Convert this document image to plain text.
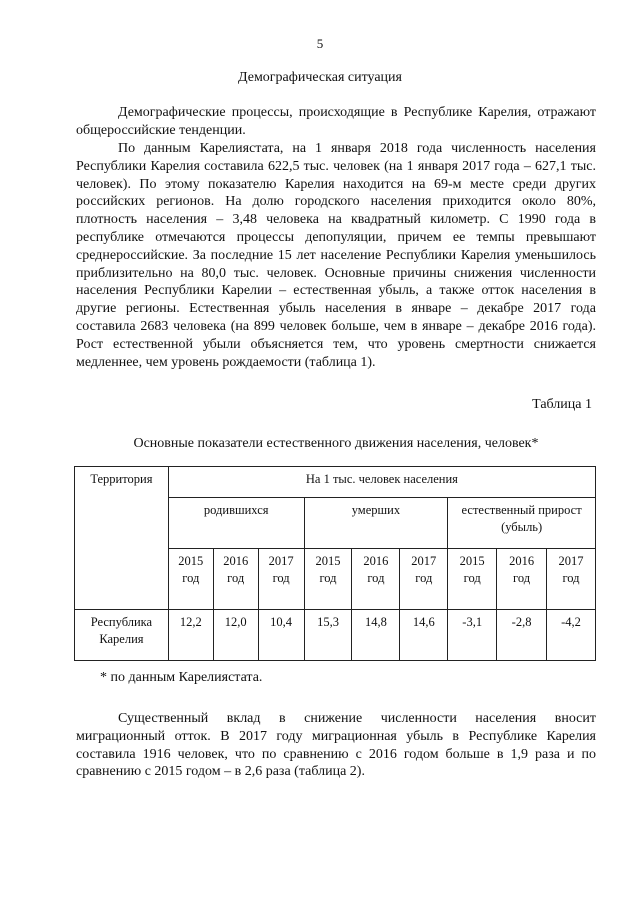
5
Демографическая ситуация

Демографические процессы, происходящие в Республике Карелия, отражают общероссийские тенденции.

По данным Карелиястата, на 1 января 2018 года численность населения Республики Карелия составила 622,5 тыс. человек (на 1 января 2017 года – 627,1 тыс. человек). По этому показателю Карелия находится на 69-м месте среди других российских регионов. На долю городского населения приходится около 80%, плотность населения – 3,48 человека на квадратный километр. С 1990 года в республике отмечаются процессы депопуляции, причем ее темпы превышают среднероссийские. За последние 15 лет население Республики Карелия уменьшилось приблизительно на 80,0 тыс. человек. Основные причины снижения численности населения Республики Карелии – естественная убыль, а также отток населения в другие регионы. Естественная убыль населения в январе – декабре 2017 года составила 2683 человека (на 899 человек больше, чем в январе – декабре 2016 года). Рост естественной убыли объясняется тем, что уровень смертности снижается медленнее, чем уровень рождаемости (таблица 1).

Таблица 1
Основные показатели естественного движения населения, человек*
Территория	На 1 тыс. человек населения								
	родившихся			умерших			естественный прирост (убыль)		
	2015 год	2016 год	2017 год	2015 год	2016 год	2017 год	2015 год	2016 год	2017 год
Республика Карелия	12,2	12,0	10,4	15,3	14,8	14,6	-3,1	-2,8	-4,2
* по данным Карелиястата.

Существенный вклад в снижение численности населения вносит миграционный отток. В 2017 году миграционная убыль в Республике Карелия составила 1916 человек, что по сравнению с 2016 годом больше в 1,9 раза и по сравнению с 2015 годом – в 2,6 раза (таблица 2).
